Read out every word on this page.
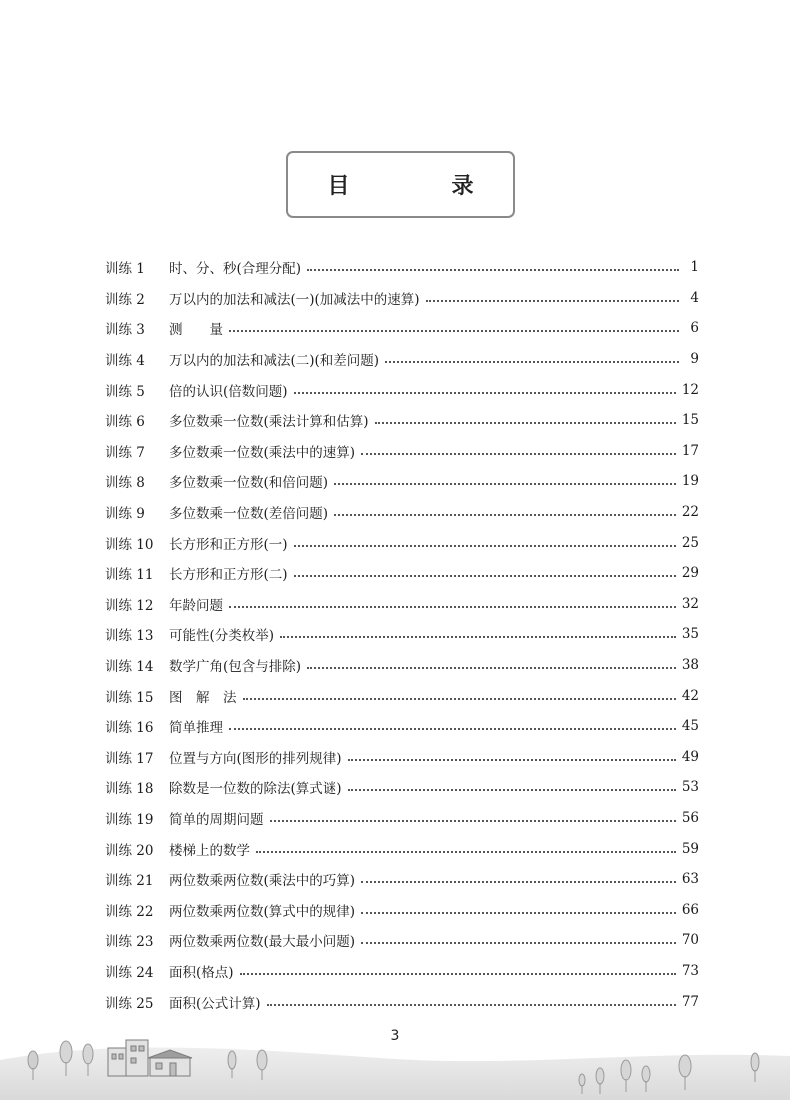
目　录
训练 1	时、分、秒(合理分配)	1
训练 2	万以内的加法和减法(一)(加减法中的速算)	4
训练 3	测　　量	6
训练 4	万以内的加法和减法(二)(和差问题)	9
训练 5	倍的认识(倍数问题)	12
训练 6	多位数乘一位数(乘法计算和估算)	15
训练 7	多位数乘一位数(乘法中的速算)	17
训练 8	多位数乘一位数(和倍问题)	19
训练 9	多位数乘一位数(差倍问题)	22
训练 10	长方形和正方形(一)	25
训练 11	长方形和正方形(二)	29
训练 12	年龄问题	32
训练 13	可能性(分类枚举)	35
训练 14	数学广角(包含与排除)	38
训练 15	图　解　法	42
训练 16	简单推理	45
训练 17	位置与方向(图形的排列规律)	49
训练 18	除数是一位数的除法(算式谜)	53
训练 19	简单的周期问题	56
训练 20	楼梯上的数学	59
训练 21	两位数乘两位数(乘法中的巧算)	63
训练 22	两位数乘两位数(算式中的规律)	66
训练 23	两位数乘两位数(最大最小问题)	70
训练 24	面积(格点)	73
训练 25	面积(公式计算)	77
3
